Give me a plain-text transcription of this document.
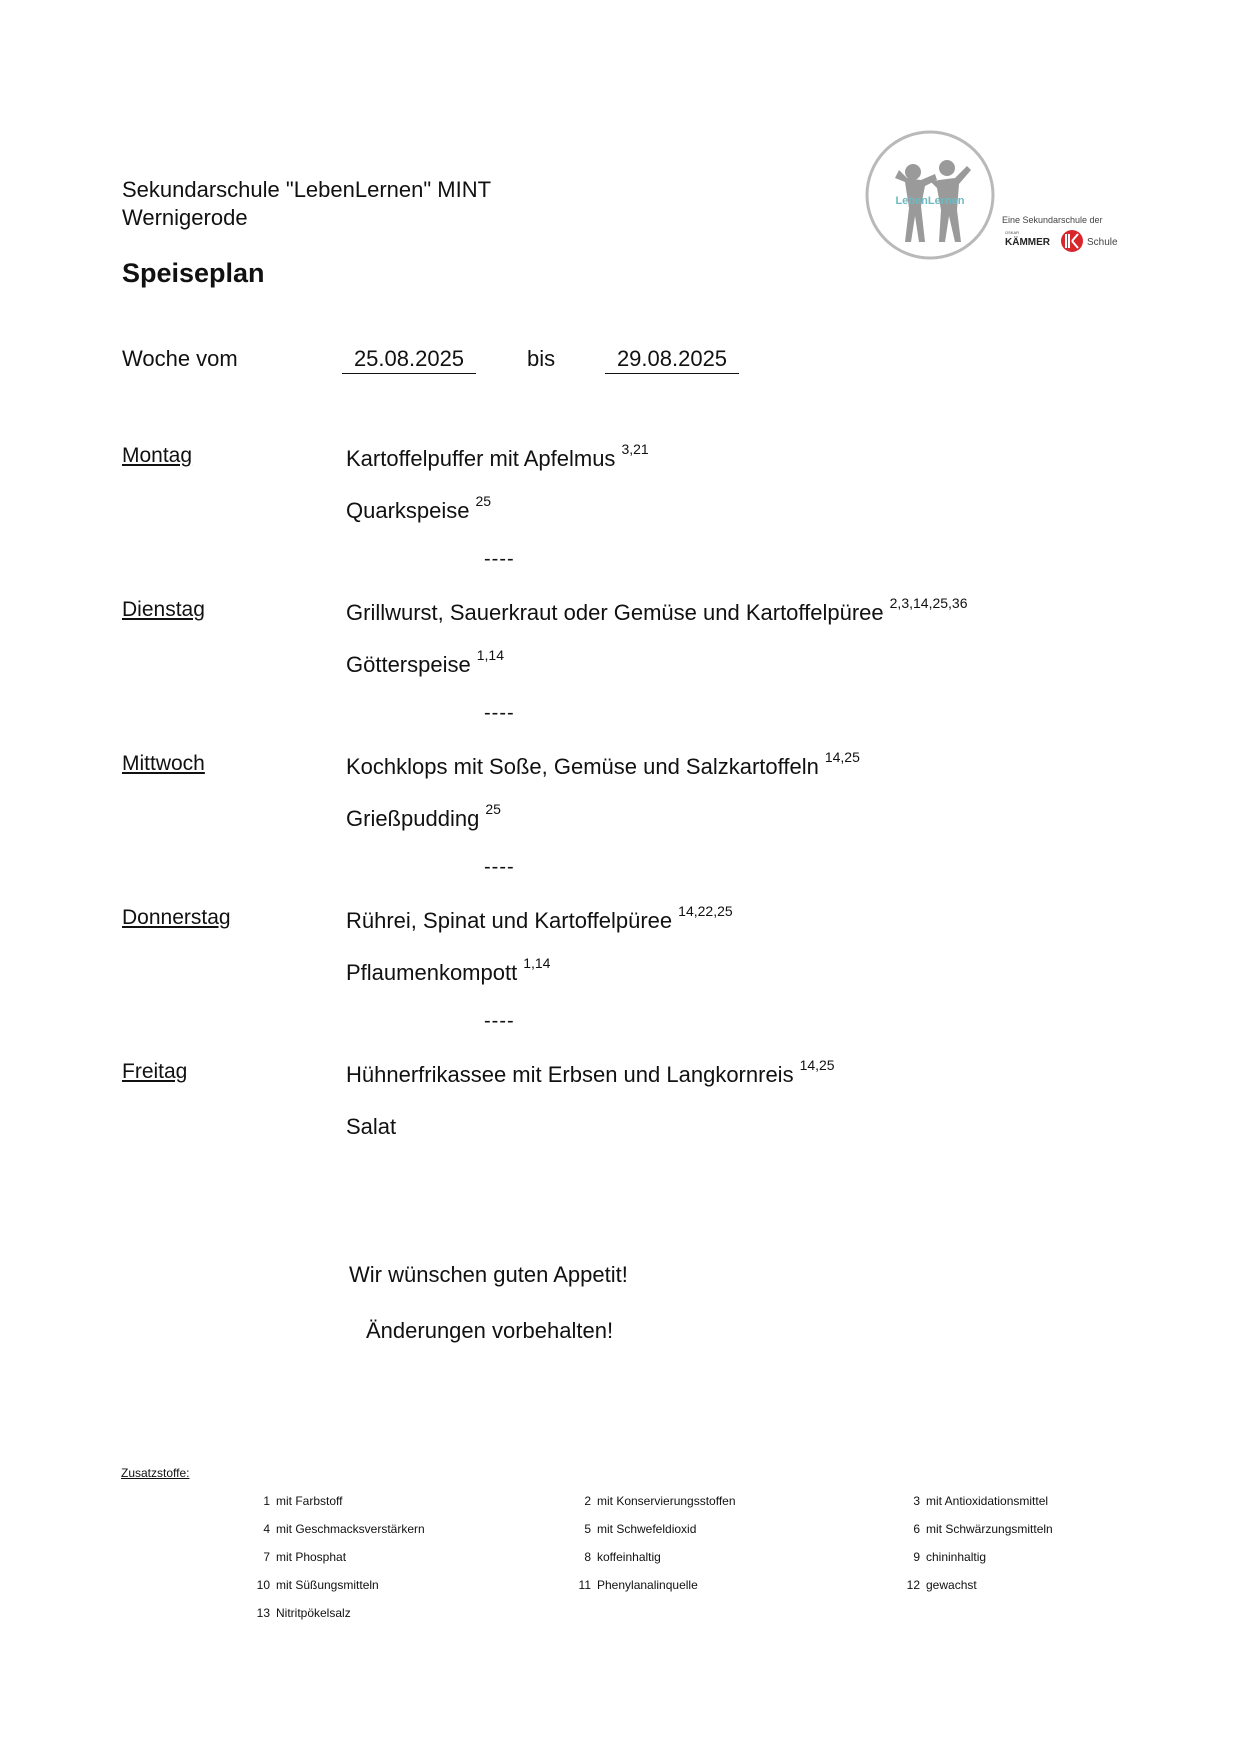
Sekundarschule "LebenLernen" MINT
Wernigerode
Speiseplan
LebenLernen
Eine Sekundarschule der
OSKAR
KÄMMER	Schule
Woche vom	25.08.2025	bis	29.08.2025
Montag	Kartoffelpuffer mit Apfelmus $^{3,21}$
Quarkspeise $^{25}$
----
Dienstag	Grillwurst, Sauerkraut oder Gemüse und Kartoffelpüree $^{2,3,14,25,36}$
Götterspeise $^{1,14}$
----
Mittwoch	Kochklops mit Soße, Gemüse und Salzkartoffeln $^{14,25}$
Grießpudding $^{25}$
----
Donnerstag	Rührei, Spinat und Kartoffelpüree $^{14,22,25}$
Pflaumenkompott $^{1,14}$
----
Freitag	Hühnerfrikassee mit Erbsen und Langkornreis $^{14,25}$
Salat
Wir wünschen guten Appetit!
Änderungen vorbehalten!
Zusatzstoffe:
1 mit Farbstoff	2 mit Konservierungsstoffen	3 mit Antioxidationsmittel
4 mit Geschmacksverstärkern	5 mit Schwefeldioxid	6 mit Schwärzungsmitteln
7 mit Phosphat	8 koffeinhaltig	9 chininhaltig
10 mit Süßungsmitteln	11 Phenylanalinquelle	12 gewachst
13 Nitritpökelsalz
